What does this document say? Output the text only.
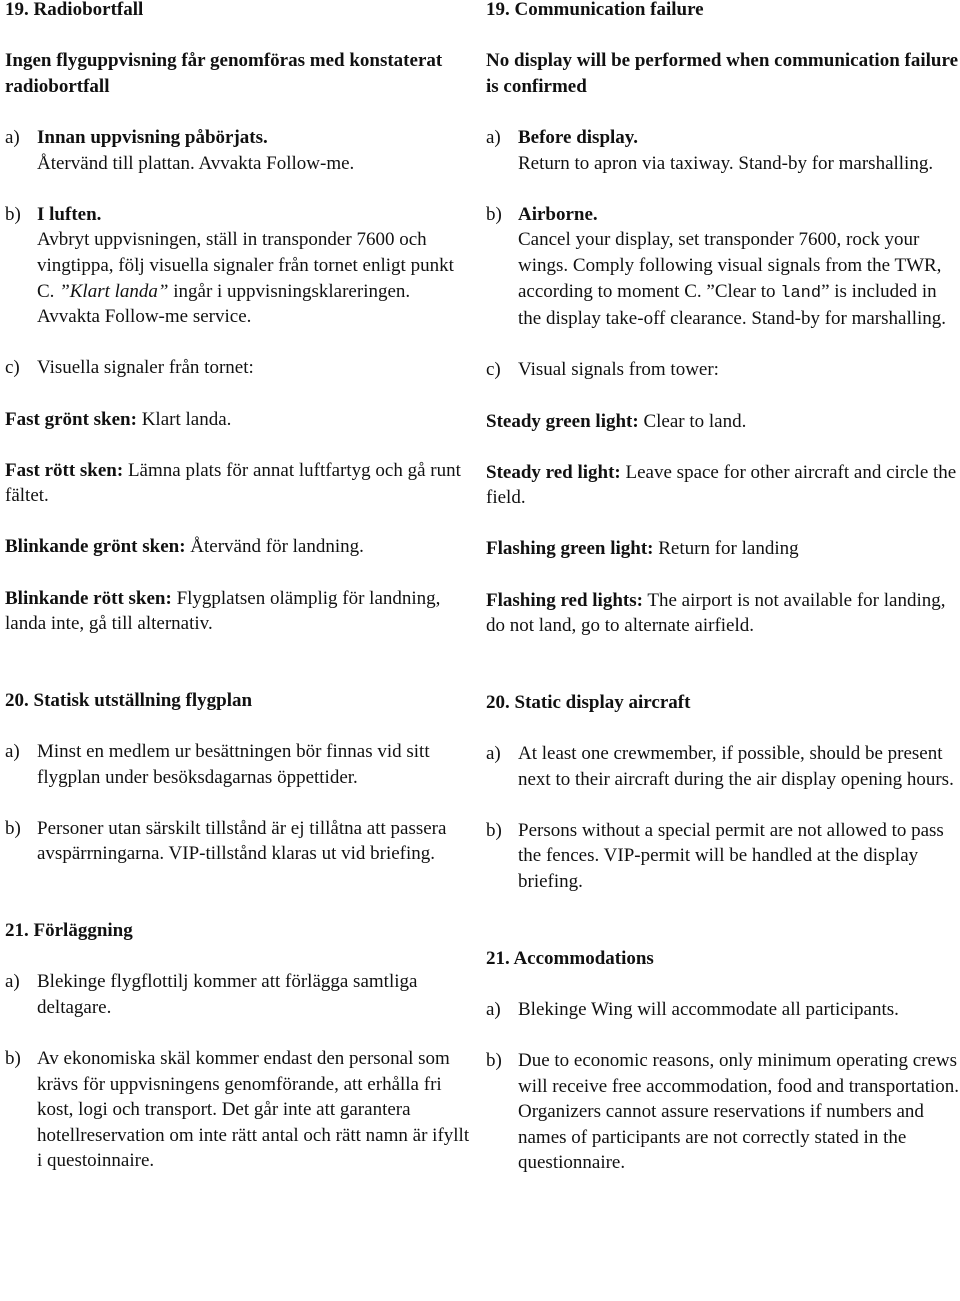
19. Radiobortfall

Ingen flyguppvisning får genomföras med konstaterat radiobortfall

a) Innan uppvisning påbörjats.
Återvänd till plattan. Avvakta Follow-me.
b) I luften.
Avbryt uppvisningen, ställ in transponder 7600 och vingtippa, följ visuella signaler från tornet enligt punkt C. ”Klart landa” ingår i uppvisningsklareringen. Avvakta Follow-me service.
c) Visuella signaler från tornet:

Fast grönt sken: Klart landa.

Fast rött sken: Lämna plats för annat luftfartyg och gå runt fältet.

Blinkande grönt sken: Återvänd för landning.

Blinkande rött sken: Flygplatsen olämplig för landning, landa inte, gå till alternativ.

20. Statisk utställning flygplan

a) Minst en medlem ur besättningen bör finnas vid sitt flygplan under besöksdagarnas öppettider.
b) Personer utan särskilt tillstånd är ej tillåtna att passera avspärrningarna. VIP-tillstånd klaras ut vid briefing.

21. Förläggning

a) Blekinge flygflottilj kommer att förlägga samtliga deltagare.
b) Av ekonomiska skäl kommer endast den personal som krävs för uppvisningens genomförande, att erhålla fri kost, logi och transport. Det går inte att garantera hotellreservation om inte rätt antal och rätt namn är ifyllt i questoinnaire.

19. Communication failure

No display will be performed when communication failure is confirmed

a) Before display.
Return to apron via taxiway. Stand-by for marshalling.
b) Airborne.
Cancel your display, set transponder 7600, rock your wings. Comply following visual signals from the TWR, according to moment C. ”Clear to land” is included in the display take-off clearance. Stand-by for marshalling.
c) Visual signals from tower:

Steady green light: Clear to land.

Steady red light: Leave space for other aircraft and circle the field.

Flashing green light: Return for landing

Flashing red lights: The airport is not available for landing, do not land, go to alternate airfield.

20. Static display aircraft

a) At least one crewmember, if possible, should be present next to their aircraft during the air display opening hours.
b) Persons without a special permit are not allowed to pass the fences. VIP-permit will be handled at the display briefing.

21. Accommodations

a) Blekinge Wing will accommodate all participants.
b) Due to economic reasons, only minimum operating crews will receive free accommodation, food and transportation. Organizers cannot assure reservations if numbers and names of participants are not correctly stated in the questionnaire.
